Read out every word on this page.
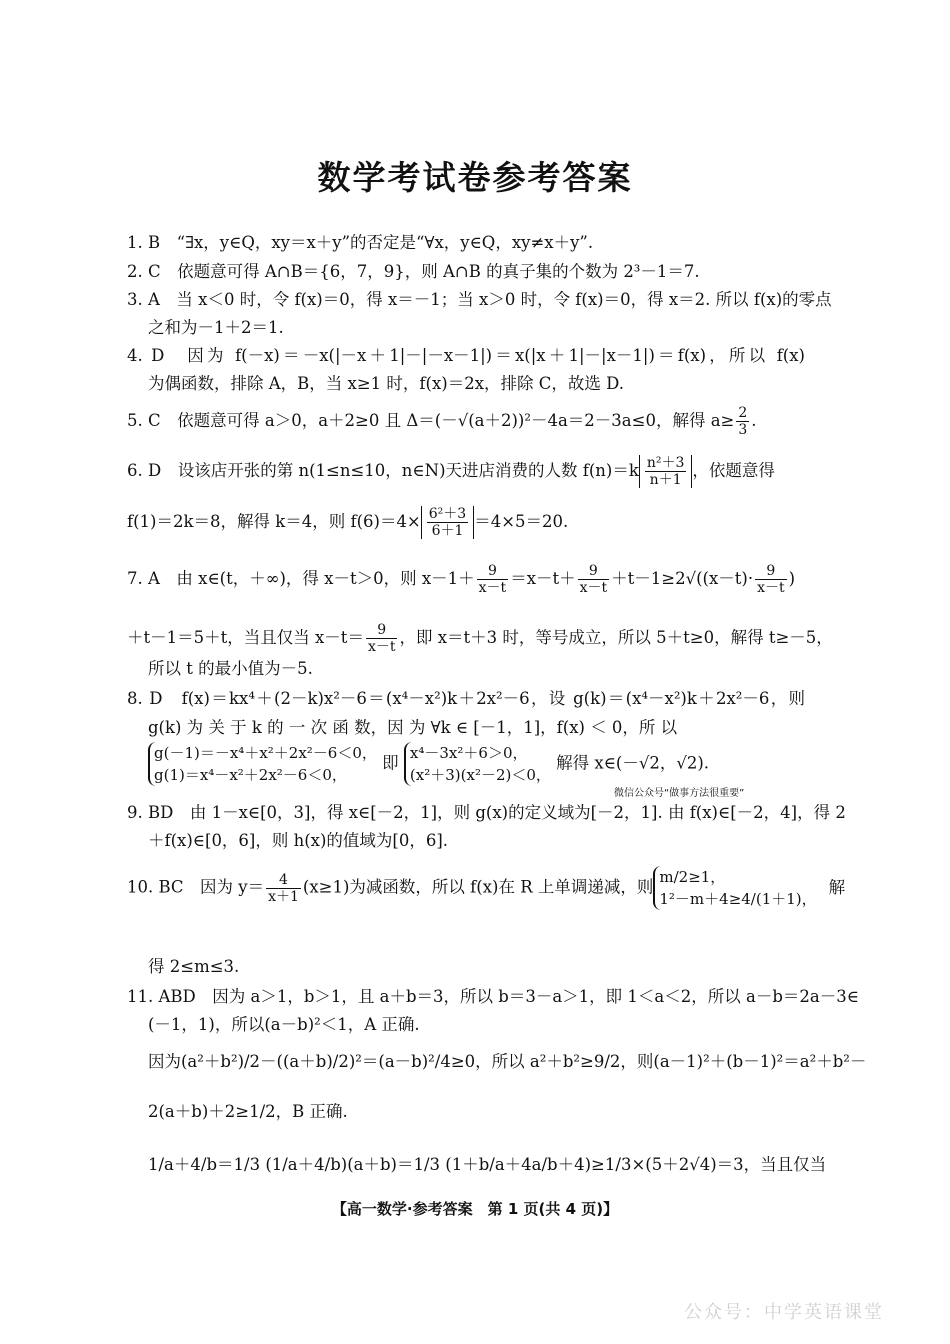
数学考试卷参考答案
1. B　“∃x，y∈Q，xy＝x＋y”的否定是“∀x，y∈Q，xy≠x＋y”.
2. C　依题意可得 A∩B＝{6，7，9}，则 A∩B 的真子集的个数为 2³－1＝7.
3. A　当 x＜0 时，令 f(x)＝0，得 x＝－1；当 x＞0 时，令 f(x)＝0，得 x＝2. 所以 f(x)的零点
之和为－1＋2＝1.
4. D　因为 f(－x)＝－x(|－x＋1|－|－x－1|)＝x(|x＋1|－|x－1|)＝f(x)，所以 f(x)
为偶函数，排除 A，B，当 x≥1 时，f(x)＝2x，排除 C，故选 D.
5. C　依题意可得 a＞0，a＋2≥0 且 Δ＝(－√(a＋2))²－4a＝2－3a≤0，解得 $a\ge \frac{2}{3}$ .
6. D　设该店开张的第 n(1≤n≤10，n∈N)天进店消费的人数 $f(n)=k \frac{\text{n²＋3}}{n+1}$ ，依题意得
f(1)＝2k＝8，解得 k＝4，则 $f(6)=4\times \frac{\text{6²＋3}}{6+1} =4\times 5=20$.
7. A　由 x∈(t，＋∞)，得 x－t＞0，则 $x-1+ \frac{9}{x-t} =x-t+ \frac{9}{x-t} +t-1\ge 2√((x-t)\cdot \frac{9}{x-t}$ )
＋t－1＝5＋t，当且仅当 $x-t= \frac{9}{x-t}$ ，即 x＝t＋3 时，等号成立，所以 5＋t≥0，解得 t≥－5，
所以 t 的最小值为－5.
8. D　f(x)＝kx⁴＋(2－k)x²－6＝(x⁴－x²)k＋2x²－6，设 g(k)＝(x⁴－x²)k＋2x²－6，则
g(k) 为 关 于 k 的 一 次 函 数，因 为 ∀k ∈ [－1，1]，f(x) ＜ 0，所 以
g(－1)＝－x⁴＋x²＋2x²－6＜0，
g(1)＝x⁴－x²＋2x²－6＜0，
即
x⁴－3x²＋6＞0，
(x²＋3)(x²－2)＜0，
解得 x∈(－√2，√2).
微信公众号“做事方法很重要”
9. BD　由 1－x∈[0，3]，得 x∈[－2，1]，则 g(x)的定义域为[－2，1]. 由 f(x)∈[－2，4]，得 2
＋f(x)∈[0，6]，则 h(x)的值域为[0，6].
10. BC　因为 $y= \frac{4}{x+1} (x\ge 1)$为减函数，所以 f(x)在 R 上单调递减，则
m/2≥1，
1²－m＋4≥4/(1＋1)，
解
得 2≤m≤3.
11. ABD　因为 a＞1，b＞1，且 a＋b＝3，所以 b＝3－a＞1，即 1＜a＜2，所以 a－b＝2a－3∈
(－1，1)，所以(a－b)²＜1，A 正确.
因为(a²＋b²)/2－((a＋b)/2)²＝(a－b)²/4≥0，所以 a²＋b²≥9/2，则(a－1)²＋(b－1)²＝a²＋b²－
2(a＋b)＋2≥1/2，B 正确.
1/a＋4/b＝1/3 (1/a＋4/b)(a＋b)＝1/3 (1＋b/a＋4a/b＋4)≥1/3×(5＋2√4)＝3，当且仅当
【高一数学·参考答案　第 1 页(共 4 页)】
公众号：中学英语课堂
